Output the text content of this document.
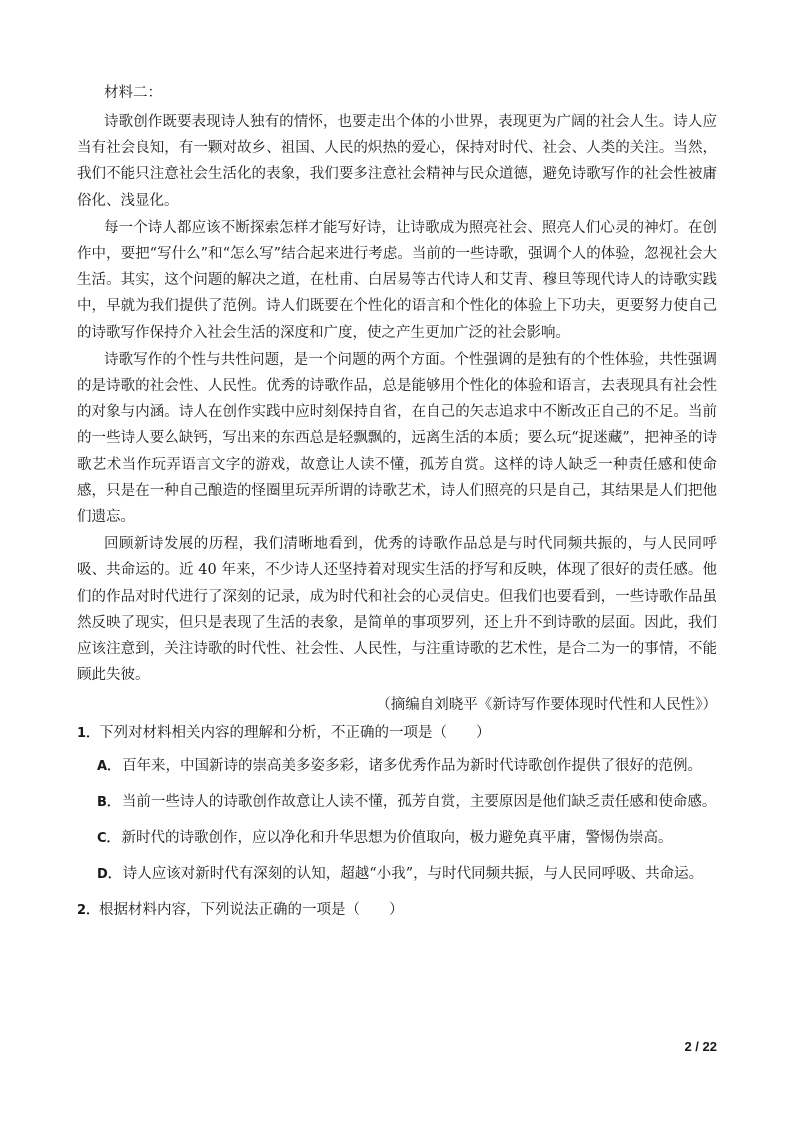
材料二：

诗歌创作既要表现诗人独有的情怀，也要走出个体的小世界，表现更为广阔的社会人生。诗人应当有社会良知，有一颗对故乡、祖国、人民的炽热的爱心，保持对时代、社会、人类的关注。当然，我们不能只注意社会生活化的表象，我们要多注意社会精神与民众道德，避免诗歌写作的社会性被庸俗化、浅显化。

每一个诗人都应该不断探索怎样才能写好诗，让诗歌成为照亮社会、照亮人们心灵的神灯。在创作中，要把“写什么”和“怎么写”结合起来进行考虑。当前的一些诗歌，强调个人的体验，忽视社会大生活。其实，这个问题的解决之道，在杜甫、白居易等古代诗人和艾青、穆旦等现代诗人的诗歌实践中，早就为我们提供了范例。诗人们既要在个性化的语言和个性化的体验上下功夫，更要努力使自己的诗歌写作保持介入社会生活的深度和广度，使之产生更加广泛的社会影响。

诗歌写作的个性与共性问题，是一个问题的两个方面。个性强调的是独有的个性体验，共性强调的是诗歌的社会性、人民性。优秀的诗歌作品，总是能够用个性化的体验和语言，去表现具有社会性的对象与内涵。诗人在创作实践中应时刻保持自省，在自己的矢志追求中不断改正自己的不足。当前的一些诗人要么缺钙，写出来的东西总是轻飘飘的，远离生活的本质；要么玩“捉迷藏”，把神圣的诗歌艺术当作玩弄语言文字的游戏，故意让人读不懂，孤芳自赏。这样的诗人缺乏一种责任感和使命感，只是在一种自己酿造的怪圈里玩弄所谓的诗歌艺术，诗人们照亮的只是自己，其结果是人们把他们遗忘。

回顾新诗发展的历程，我们清晰地看到，优秀的诗歌作品总是与时代同频共振的，与人民同呼吸、共命运的。近 40 年来，不少诗人还坚持着对现实生活的抒写和反映，体现了很好的责任感。他们的作品对时代进行了深刻的记录，成为时代和社会的心灵信史。但我们也要看到，一些诗歌作品虽然反映了现实，但只是表现了生活的表象，是简单的事项罗列，还上升不到诗歌的层面。因此，我们应该注意到，关注诗歌的时代性、社会性、人民性，与注重诗歌的艺术性，是合二为一的事情，不能顾此失彼。

（摘编自刘晓平《新诗写作要体现时代性和人民性》）

1．下列对材料相关内容的理解和分析，不正确的一项是（　　）
A． 百年来，中国新诗的崇高美多姿多彩，诸多优秀作品为新时代诗歌创作提供了很好的范例。
B． 当前一些诗人的诗歌创作故意让人读不懂，孤芳自赏，主要原因是他们缺乏责任感和使命感。
C． 新时代的诗歌创作，应以净化和升华思想为价值取向，极力避免真平庸，警惕伪崇高。
D． 诗人应该对新时代有深刻的认知，超越“小我”，与时代同频共振，与人民同呼吸、共命运。
2．根据材料内容，下列说法正确的一项是（　　）
2 / 22
